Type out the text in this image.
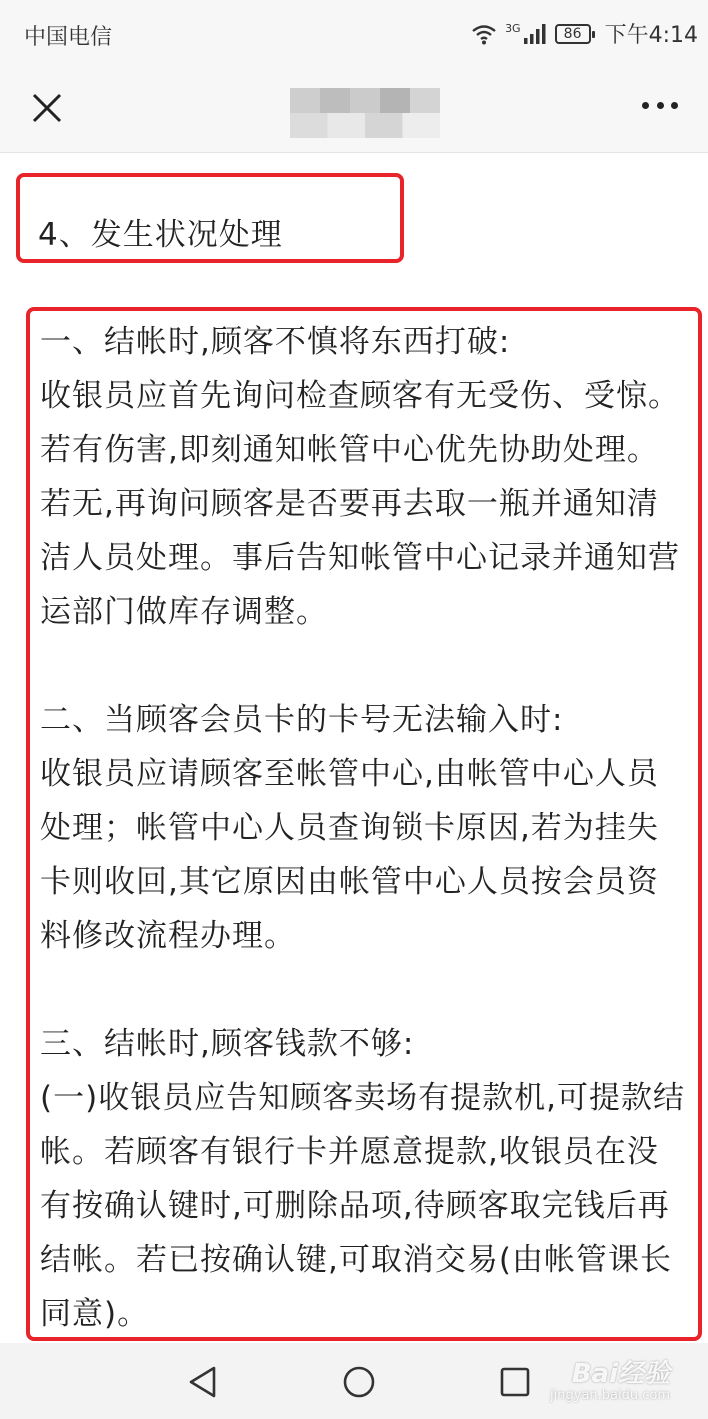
中国电信	3G	86 下午4:14
4、发生状况处理

一、结帐时,顾客不慎将东西打破:
收银员应首先询问检查顾客有无受伤、受惊。若有伤害,即刻通知帐管中心优先协助处理。若无,再询问顾客是否要再去取一瓶并通知清洁人员处理。事后告知帐管中心记录并通知营运部门做库存调整。

二、当顾客会员卡的卡号无法输入时:
收银员应请顾客至帐管中心,由帐管中心人员处理；帐管中心人员查询锁卡原因,若为挂失卡则收回,其它原因由帐管中心人员按会员资料修改流程办理。

三、结帐时,顾客钱款不够:
(一)收银员应告知顾客卖场有提款机,可提款结帐。若顾客有银行卡并愿意提款,收银员在没有按确认键时,可删除品项,待顾客取完钱后再结帐。若已按确认键,可取消交易(由帐管课长同意)。

Bai经验
jingyan.baidu.com
